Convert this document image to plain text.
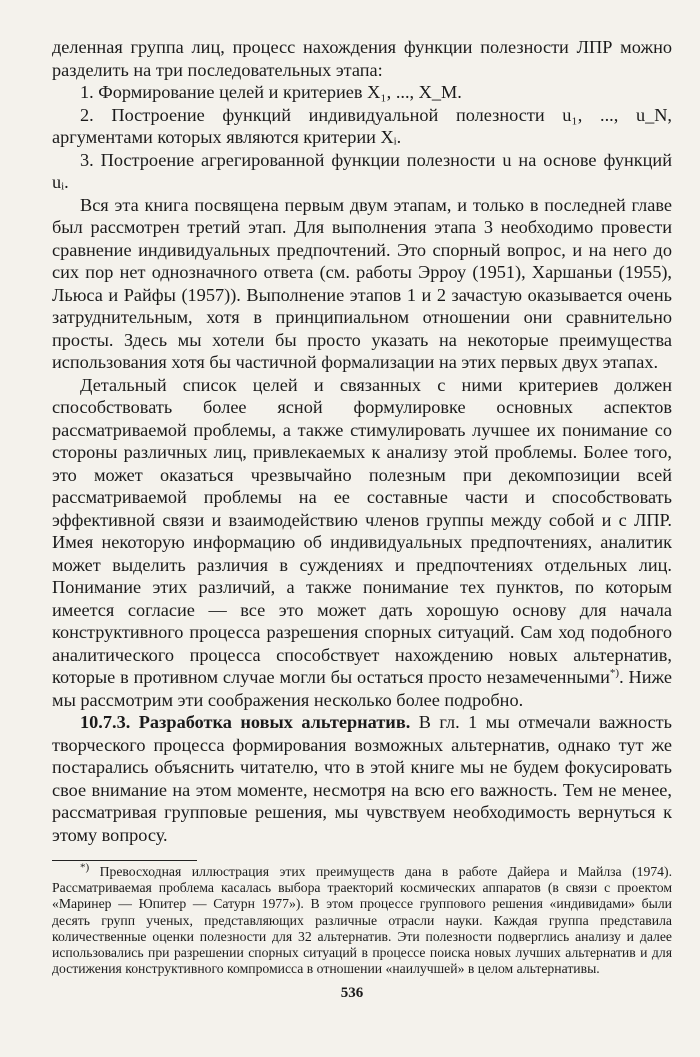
деленная группа лиц, процесс нахождения функции полезности ЛПР можно разделить на три последовательных этапа:

1. Формирование целей и критериев X₁, ..., X_M.

2. Построение функций индивидуальной полезности u₁, ..., u_N, аргументами которых являются критерии Xᵢ.

3. Построение агрегированной функции полезности u на основе функций uᵢ.

Вся эта книга посвящена первым двум этапам, и только в последней главе был рассмотрен третий этап. Для выполнения этапа 3 необходимо провести сравнение индивидуальных предпочтений. Это спорный вопрос, и на него до сих пор нет однозначного ответа (см. работы Эрроу (1951), Харшаньи (1955), Льюса и Райфы (1957)). Выполнение этапов 1 и 2 зачастую оказывается очень затруднительным, хотя в принципиальном отношении они сравнительно просты. Здесь мы хотели бы просто указать на некоторые преимущества использования хотя бы частичной формализации на этих первых двух этапах.

Детальный список целей и связанных с ними критериев должен способствовать более ясной формулировке основных аспектов рассматриваемой проблемы, а также стимулировать лучшее их понимание со стороны различных лиц, привлекаемых к анализу этой проблемы. Более того, это может оказаться чрезвычайно полезным при декомпозиции всей рассматриваемой проблемы на ее составные части и способствовать эффективной связи и взаимодействию членов группы между собой и с ЛПР. Имея некоторую информацию об индивидуальных предпочтениях, аналитик может выделить различия в суждениях и предпочтениях отдельных лиц. Понимание этих различий, а также понимание тех пунктов, по которым имеется согласие — все это может дать хорошую основу для начала конструктивного процесса разрешения спорных ситуаций. Сам ход подобного аналитического процесса способствует нахождению новых альтернатив, которые в противном случае могли бы остаться просто незамеченными*). Ниже мы рассмотрим эти соображения несколько более подробно.

10.7.3. Разработка новых альтернатив. В гл. 1 мы отмечали важность творческого процесса формирования возможных альтернатив, однако тут же постарались объяснить читателю, что в этой книге мы не будем фокусировать свое внимание на этом моменте, несмотря на всю его важность. Тем не менее, рассматривая групповые решения, мы чувствуем необходимость вернуться к этому вопросу.

*) Превосходная иллюстрация этих преимуществ дана в работе Дайера и Майлза (1974). Рассматриваемая проблема касалась выбора траекторий космических аппаратов (в связи с проектом «Маринер — Юпитер — Сатурн 1977»). В этом процессе группового решения «индивидами» были десять групп ученых, представляющих различные отрасли науки. Каждая группа представила количественные оценки полезности для 32 альтернатив. Эти полезности подверглись анализу и далее использовались при разрешении спорных ситуаций в процессе поиска новых лучших альтернатив и для достижения конструктивного компромисса в отношении «наилучшей» в целом альтернативы.

536
